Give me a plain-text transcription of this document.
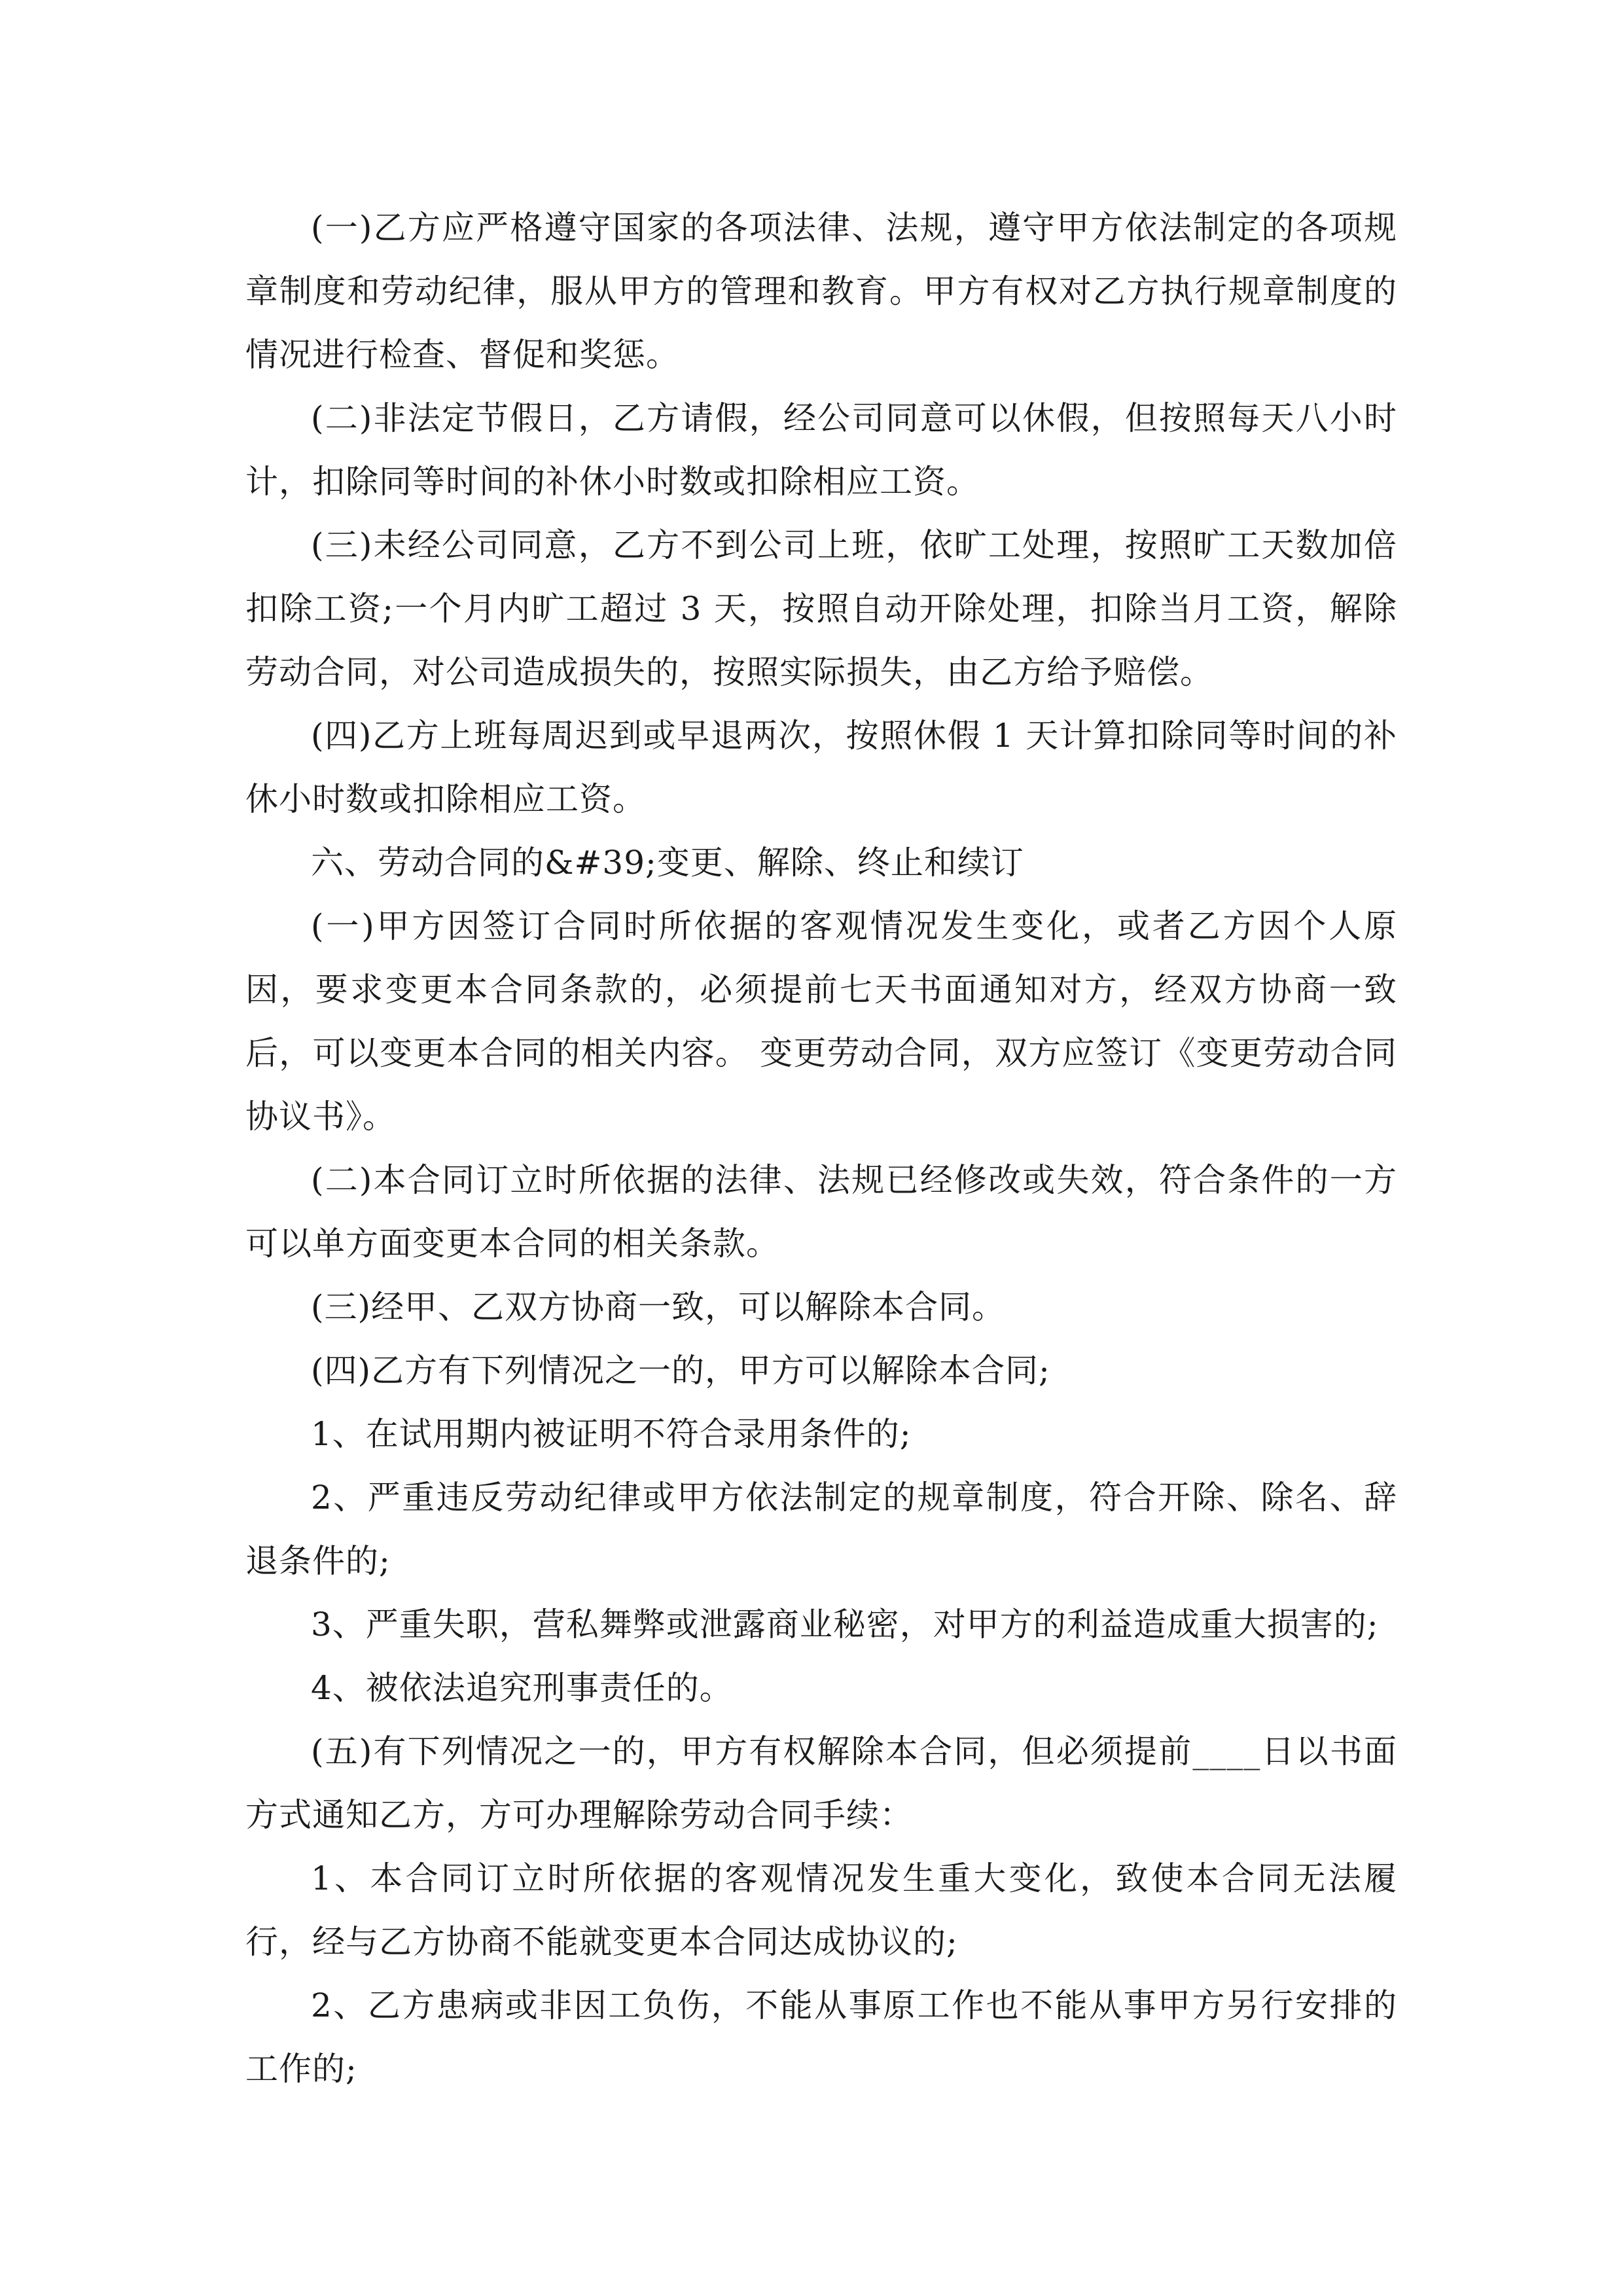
(一)乙方应严格遵守国家的各项法律、法规，遵守甲方依法制定的各项规章制度和劳动纪律，服从甲方的管理和教育。甲方有权对乙方执行规章制度的情况进行检查、督促和奖惩。

(二)非法定节假日，乙方请假，经公司同意可以休假，但按照每天八小时计，扣除同等时间的补休小时数或扣除相应工资。

(三)未经公司同意，乙方不到公司上班，依旷工处理，按照旷工天数加倍扣除工资;一个月内旷工超过 3 天，按照自动开除处理，扣除当月工资，解除劳动合同，对公司造成损失的，按照实际损失，由乙方给予赔偿。

(四)乙方上班每周迟到或早退两次，按照休假 1 天计算扣除同等时间的补休小时数或扣除相应工资。

六、劳动合同的&#39;变更、解除、终止和续订

(一)甲方因签订合同时所依据的客观情况发生变化，或者乙方因个人原因，要求变更本合同条款的，必须提前七天书面通知对方，经双方协商一致后，可以变更本合同的相关内容。 变更劳动合同，双方应签订《变更劳动合同协议书》。

(二)本合同订立时所依据的法律、法规已经修改或失效，符合条件的一方可以单方面变更本合同的相关条款。

(三)经甲、乙双方协商一致，可以解除本合同。

(四)乙方有下列情况之一的，甲方可以解除本合同;

1、在试用期内被证明不符合录用条件的;

2、严重违反劳动纪律或甲方依法制定的规章制度，符合开除、除名、辞退条件的;

3、严重失职，营私舞弊或泄露商业秘密，对甲方的利益造成重大损害的;

4、被依法追究刑事责任的。

(五)有下列情况之一的，甲方有权解除本合同，但必须提前____日以书面方式通知乙方，方可办理解除劳动合同手续：

1、本合同订立时所依据的客观情况发生重大变化，致使本合同无法履行，经与乙方协商不能就变更本合同达成协议的;

2、乙方患病或非因工负伤，不能从事原工作也不能从事甲方另行安排的工作的;
